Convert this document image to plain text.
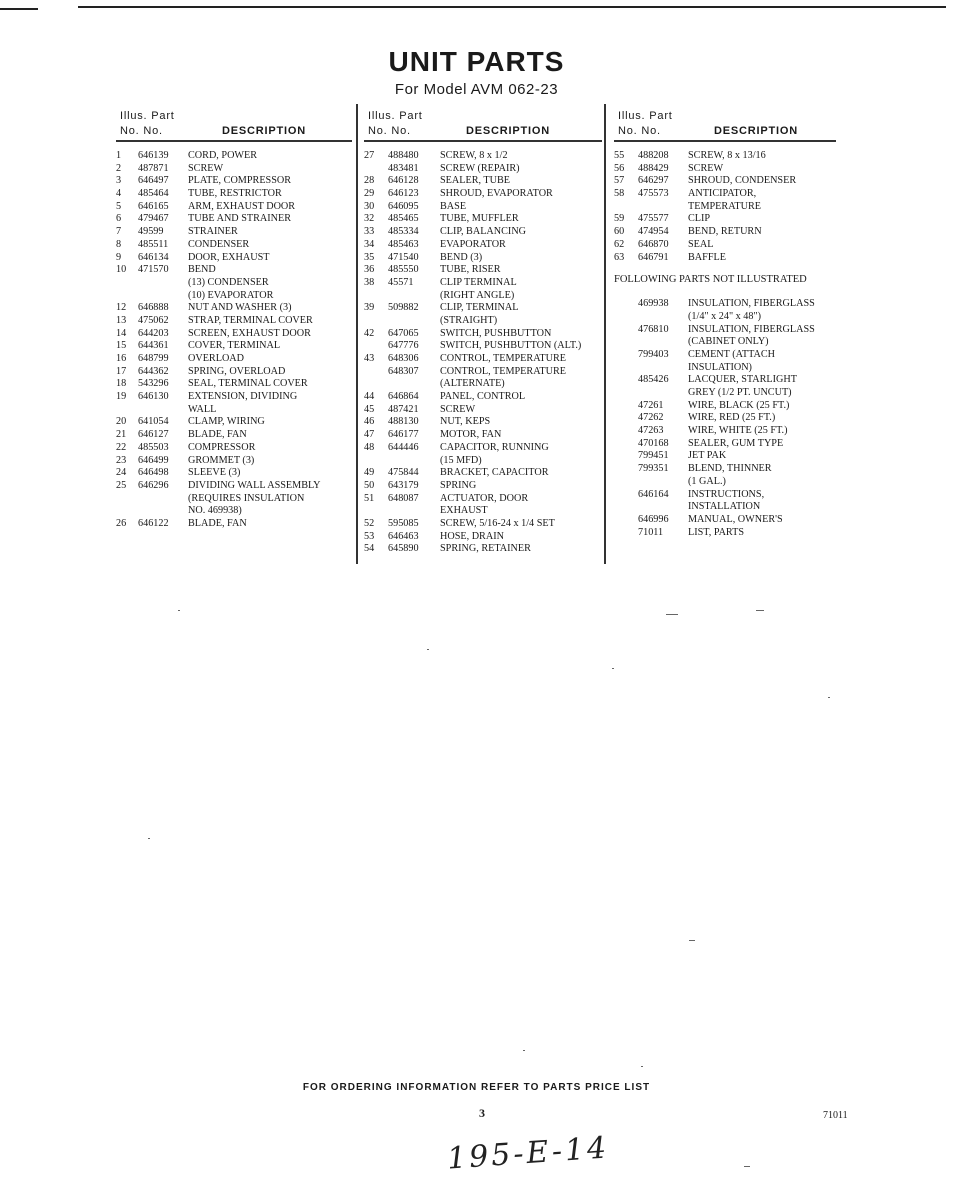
UNIT PARTS
For Model AVM 062-23
Illus. Part
No. No.	DESCRIPTION
1	646139	CORD, POWER
2	487871	SCREW
3	646497	PLATE, COMPRESSOR
4	485464	TUBE, RESTRICTOR
5	646165	ARM, EXHAUST DOOR
6	479467	TUBE AND STRAINER
7	49599	STRAINER
8	485511	CONDENSER
9	646134	DOOR, EXHAUST
10	471570	BEND
(13) CONDENSER
(10) EVAPORATOR
12	646888	NUT AND WASHER (3)
13	475062	STRAP, TERMINAL COVER
14	644203	SCREEN, EXHAUST DOOR
15	644361	COVER, TERMINAL
16	648799	OVERLOAD
17	644362	SPRING, OVERLOAD
18	543296	SEAL, TERMINAL COVER
19	646130	EXTENSION, DIVIDING
WALL
20	641054	CLAMP, WIRING
21	646127	BLADE, FAN
22	485503	COMPRESSOR
23	646499	GROMMET (3)
24	646498	SLEEVE (3)
25	646296	DIVIDING WALL ASSEMBLY
(REQUIRES INSULATION
NO. 469938)
26	646122	BLADE, FAN
Illus. Part
No. No.	DESCRIPTION
27	488480	SCREW, 8 x 1/2
483481	SCREW (REPAIR)
28	646128	SEALER, TUBE
29	646123	SHROUD, EVAPORATOR
30	646095	BASE
32	485465	TUBE, MUFFLER
33	485334	CLIP, BALANCING
34	485463	EVAPORATOR
35	471540	BEND (3)
36	485550	TUBE, RISER
38	45571	CLIP TERMINAL
(RIGHT ANGLE)
39	509882	CLIP, TERMINAL
(STRAIGHT)
42	647065	SWITCH, PUSHBUTTON
647776	SWITCH, PUSHBUTTON (ALT.)
43	648306	CONTROL, TEMPERATURE
648307	CONTROL, TEMPERATURE
(ALTERNATE)
44	646864	PANEL, CONTROL
45	487421	SCREW
46	488130	NUT, KEPS
47	646177	MOTOR, FAN
48	644446	CAPACITOR, RUNNING
(15 MFD)
49	475844	BRACKET, CAPACITOR
50	643179	SPRING
51	648087	ACTUATOR, DOOR
EXHAUST
52	595085	SCREW, 5/16-24 x 1/4 SET
53	646463	HOSE, DRAIN
54	645890	SPRING, RETAINER
Illus. Part
No. No.	DESCRIPTION
55	488208	SCREW, 8 x 13/16
56	488429	SCREW
57	646297	SHROUD, CONDENSER
58	475573	ANTICIPATOR,
TEMPERATURE
59	475577	CLIP
60	474954	BEND, RETURN
62	646870	SEAL
63	646791	BAFFLE
FOLLOWING PARTS NOT ILLUSTRATED
469938	INSULATION, FIBERGLASS
(1/4" x 24" x 48")
476810	INSULATION, FIBERGLASS
(CABINET ONLY)
799403	CEMENT (ATTACH
INSULATION)
485426	LACQUER, STARLIGHT
GREY (1/2 PT. UNCUT)
47261	WIRE, BLACK (25 FT.)
47262	WIRE, RED (25 FT.)
47263	WIRE, WHITE (25 FT.)
470168	SEALER, GUM TYPE
799451	JET PAK
799351	BLEND, THINNER
(1 GAL.)
646164	INSTRUCTIONS,
INSTALLATION
646996	MANUAL, OWNER'S
71011	LIST, PARTS
FOR ORDERING INFORMATION REFER TO PARTS PRICE LIST
3	71011
195-E-14
